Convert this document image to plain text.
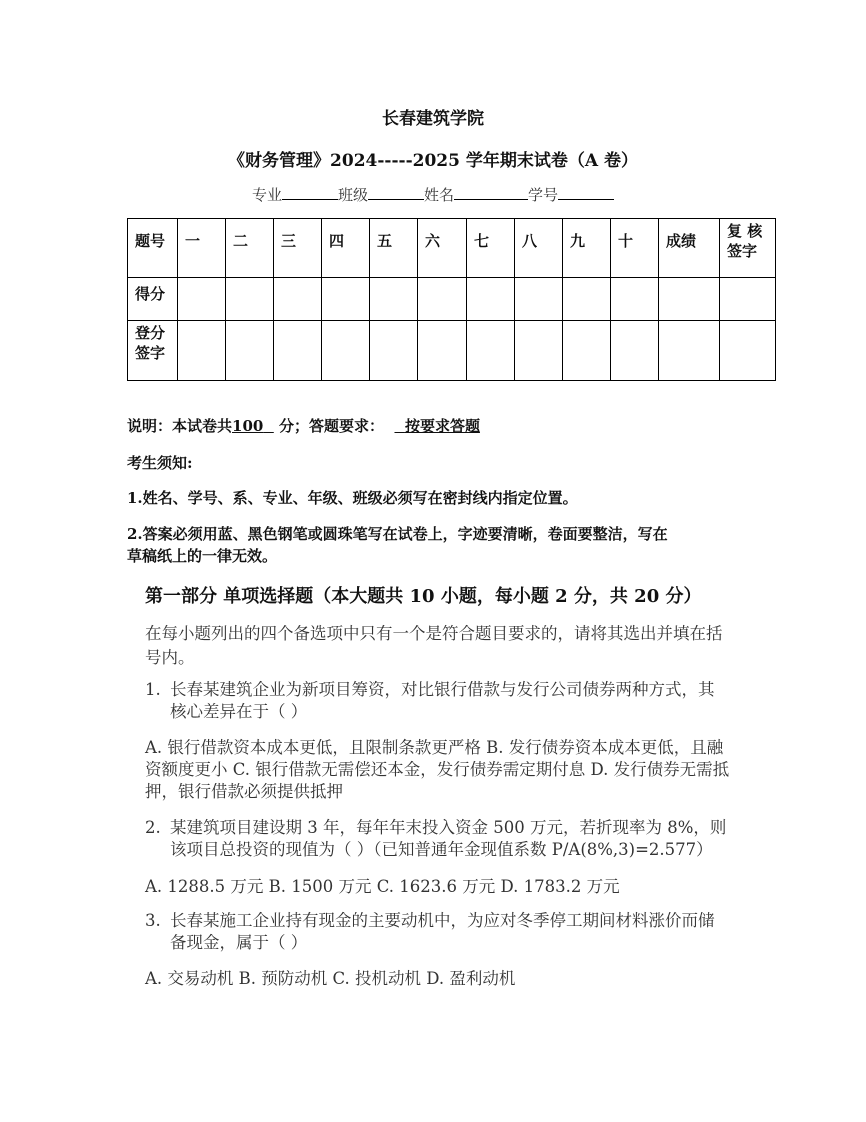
长春建筑学院
《财务管理》2024-----2025 学年期末试卷（A 卷）
专业	班级	姓名	学号
题号	一	二	三	四	五	六	七	八	九	十	成绩	复 核
签字

得分												

登分签字												

说明：本试卷共100 分；答题要求： 按要求答题
考生须知:
1.姓名、学号、系、专业、年级、班级必须写在密封线内指定位置。
2.答案必须用蓝、黑色钢笔或圆珠笔写在试卷上，字迹要清晰，卷面要整洁，写在
草稿纸上的一律无效。
第一部分 单项选择题（本大题共 10 小题，每小题 2 分，共 20 分）
在每小题列出的四个备选项中只有一个是符合题目要求的，请将其选出并填在括
号内。
1. 长春某建筑企业为新项目筹资，对比银行借款与发行公司债券两种方式，其
核心差异在于（ ）
A. 银行借款资本成本更低，且限制条款更严格 B. 发行债券资本成本更低，且融
资额度更小 C. 银行借款无需偿还本金，发行债券需定期付息 D. 发行债券无需抵
押，银行借款必须提供抵押
2. 某建筑项目建设期 3 年，每年年末投入资金 500 万元，若折现率为 8%，则
该项目总投资的现值为（ ）（已知普通年金现值系数 P/A(8%,3)=2.577）
A. 1288.5 万元 B. 1500 万元 C. 1623.6 万元 D. 1783.2 万元
3. 长春某施工企业持有现金的主要动机中，为应对冬季停工期间材料涨价而储
备现金，属于（ ）
A. 交易动机 B. 预防动机 C. 投机动机 D. 盈利动机
